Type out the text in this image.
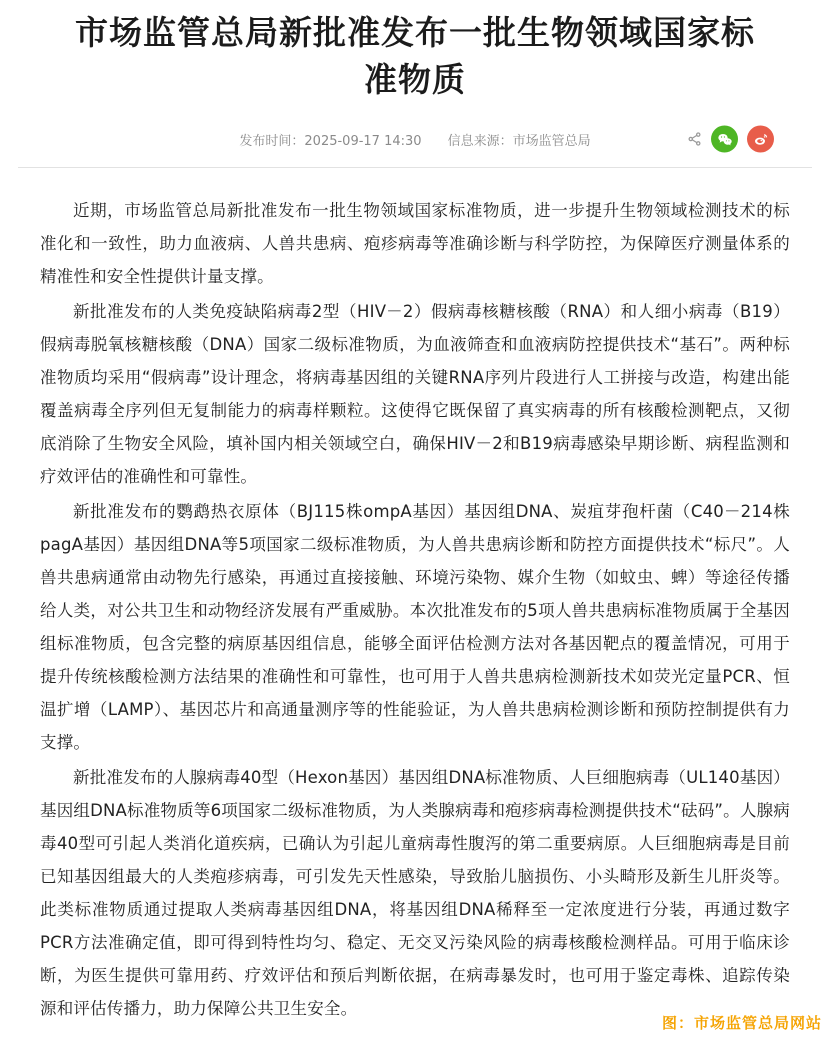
市场监管总局新批准发布一批生物领域国家标准物质
发布时间：2025-09-17 14:30 信息来源：市场监管总局

近期，市场监管总局新批准发布一批生物领域国家标准物质，进一步提升生物领域检测技术的标准化和一致性，助力血液病、人兽共患病、疱疹病毒等准确诊断与科学防控，为保障医疗测量体系的精准性和安全性提供计量支撑。

新批准发布的人类免疫缺陷病毒2型（HIV－2）假病毒核糖核酸（RNA）和人细小病毒（B19）假病毒脱氧核糖核酸（DNA）国家二级标准物质，为血液筛查和血液病防控提供技术“基石”。两种标准物质均采用“假病毒”设计理念，将病毒基因组的关键RNA序列片段进行人工拼接与改造，构建出能覆盖病毒全序列但无复制能力的病毒样颗粒。这使得它既保留了真实病毒的所有核酸检测靶点，又彻底消除了生物安全风险，填补国内相关领域空白，确保HIV－2和B19病毒感染早期诊断、病程监测和疗效评估的准确性和可靠性。

新批准发布的鹦鹉热衣原体（BJ115株ompA基因）基因组DNA、炭疽芽孢杆菌（C40－214株pagA基因）基因组DNA等5项国家二级标准物质，为人兽共患病诊断和防控方面提供技术“标尺”。人兽共患病通常由动物先行感染，再通过直接接触、环境污染物、媒介生物（如蚊虫、蜱）等途径传播给人类，对公共卫生和动物经济发展有严重威胁。本次批准发布的5项人兽共患病标准物质属于全基因组标准物质，包含完整的病原基因组信息，能够全面评估检测方法对各基因靶点的覆盖情况，可用于提升传统核酸检测方法结果的准确性和可靠性，也可用于人兽共患病检测新技术如荧光定量PCR、恒温扩增（LAMP）、基因芯片和高通量测序等的性能验证，为人兽共患病检测诊断和预防控制提供有力支撑。

新批准发布的人腺病毒40型（Hexon基因）基因组DNA标准物质、人巨细胞病毒（UL140基因）基因组DNA标准物质等6项国家二级标准物质，为人类腺病毒和疱疹病毒检测提供技术“砝码”。人腺病毒40型可引起人类消化道疾病，已确认为引起儿童病毒性腹泻的第二重要病原。人巨细胞病毒是目前已知基因组最大的人类疱疹病毒，可引发先天性感染，导致胎儿脑损伤、小头畸形及新生儿肝炎等。此类标准物质通过提取人类病毒基因组DNA，将基因组DNA稀释至一定浓度进行分装，再通过数字PCR方法准确定值，即可得到特性均匀、稳定、无交叉污染风险的病毒核酸检测样品。可用于临床诊断，为医生提供可靠用药、疗效评估和预后判断依据，在病毒暴发时，也可用于鉴定毒株、追踪传染源和评估传播力，助力保障公共卫生安全。

图：市场监管总局网站
